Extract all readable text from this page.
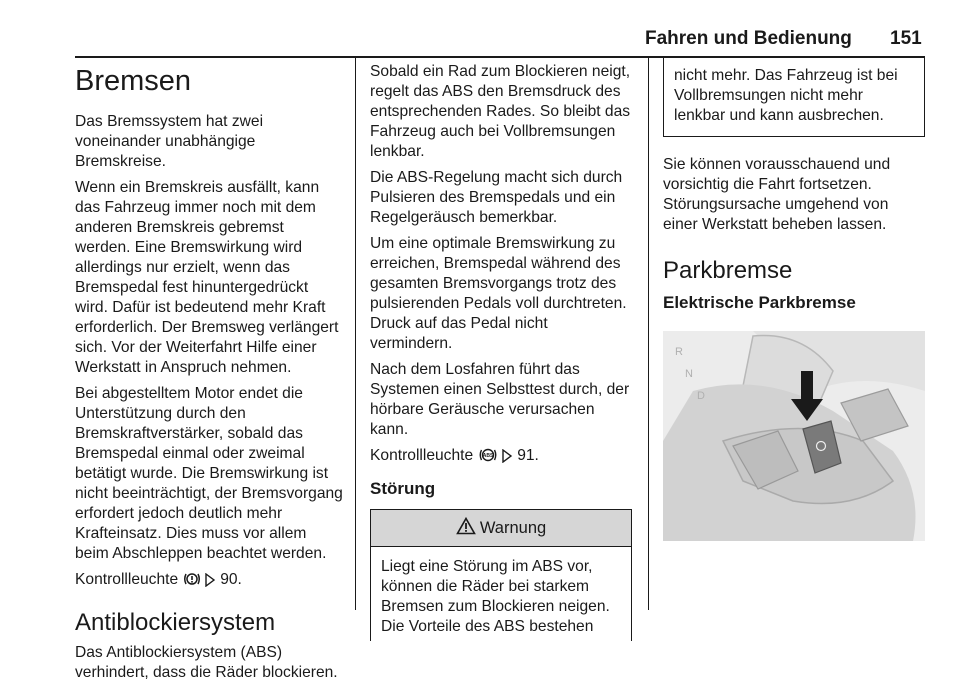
Fahren und Bedienung 151
Bremsen

Das Bremssystem hat zwei voneinander unabhängige Bremskreise.

Wenn ein Bremskreis ausfällt, kann das Fahrzeug immer noch mit dem anderen Bremskreis gebremst werden. Eine Bremswirkung wird allerdings nur erzielt, wenn das Bremspedal fest hinuntergedrückt wird. Dafür ist bedeutend mehr Kraft erforderlich. Der Bremsweg verlängert sich. Vor der Weiterfahrt Hilfe einer Werkstatt in Anspruch nehmen.

Bei abgestelltem Motor endet die Unterstützung durch den Bremskraftverstärker, sobald das Bremspedal einmal oder zweimal betätigt wurde. Die Bremswirkung ist nicht beeinträchtigt, der Bremsvorgang erfordert jedoch deutlich mehr Krafteinsatz. Dies muss vor allem beim Abschleppen beachtet werden.

Kontrollleuchte	90.

Antiblockiersystem

Das Antiblockiersystem (ABS) verhindert, dass die Räder blockieren.

Sobald ein Rad zum Blockieren neigt, regelt das ABS den Bremsdruck des entsprechenden Rades. So bleibt das Fahrzeug auch bei Vollbremsungen lenkbar.

Die ABS-Regelung macht sich durch Pulsieren des Bremspedals und ein Regelgeräusch bemerkbar.

Um eine optimale Bremswirkung zu erreichen, Bremspedal während des gesamten Bremsvorgangs trotz des pulsierenden Pedals voll durchtreten. Druck auf das Pedal nicht vermindern.

Nach dem Losfahren führt das Systemen einen Selbsttest durch, der hörbare Geräusche verursachen kann.

Kontrollleuchte ABS 91.

Störung
Warnung
Liegt eine Störung im ABS vor, können die Räder bei starkem Bremsen zum Blockieren neigen. Die Vorteile des ABS bestehen
nicht mehr. Das Fahrzeug ist bei Vollbremsungen nicht mehr lenkbar und kann ausbrechen.

Sie können vorausschauend und vorsichtig die Fahrt fortsetzen. Störungsursache umgehend von einer Werkstatt beheben lassen.

Parkbremse
Elektrische Parkbremse
R
N
D
